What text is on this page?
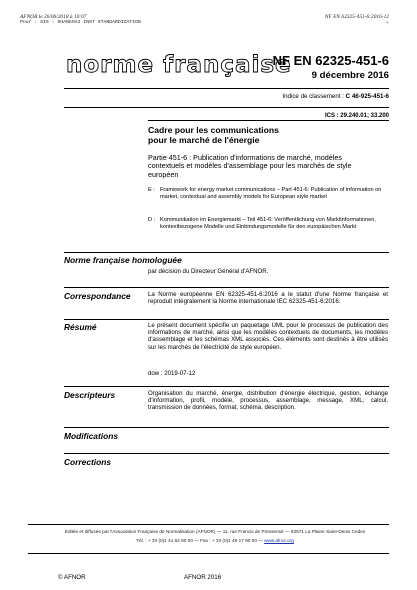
AFNOR le 26/06/2018 à 10:07
Pour : SIS - SHANGHAI INST STANDARDIZATION
NF EN 62325-451-6:2016-12
+
norme française
NF EN 62325-451-6
9 décembre 2016
Indice de classement : C 46-925-451-6
ICS : 29.240.01; 33.200
Cadre pour les communications
pour le marché de l'énergie
Partie 451-6 : Publication d'informations de marché, modèles contextuels et modèles d'assemblage pour les marchés de style européen
E : Framework for energy market communications – Part 451-6: Publication of information on market, contextual and assembly models for European style market
D : Kommunikation im Energiemarkt – Teil 451-6: Veröffentlichung von Marktinformationen, kontextbezogene Modelle und Einbindungsmodelle für den europäischen Markt
Norme française homologuée
par décision du Directeur Général d'AFNOR.
Correspondance	La Norme européenne EN 62325-451-6:2016 a le statut d'une Norme française et reproduit intégralement la Norme internationale IEC 62325-451-6:2016.
Résumé	Le présent document spécifie un paquetage UML pour le processus de publication des informations de marché, ainsi que les modèles contextuels de documents, les modèles d'assemblage et les schémas XML associés. Ces éléments sont destinés à être utilisés sur les marchés de l'électricité de style européen.
dow : 2019-07-12
Descripteurs	Organisation du marché, énergie, distribution d'énergie électrique, gestion, échange d'information, profil, modèle, processus, assemblage, message, XML, calcul, transmission de données, format, schéma, description.
Modifications
Corrections
Éditée et diffusée par l'Association Française de Normalisation (AFNOR) — 11, rue Francis de Pressensé — 93571 La Plaine Saint-Denis Cedex
Tél. : + 33 (0)1 41 62 80 00 — Fax : + 33 (0)1 49 17 90 00 — www.afnor.org
© AFNOR	AFNOR 2016
